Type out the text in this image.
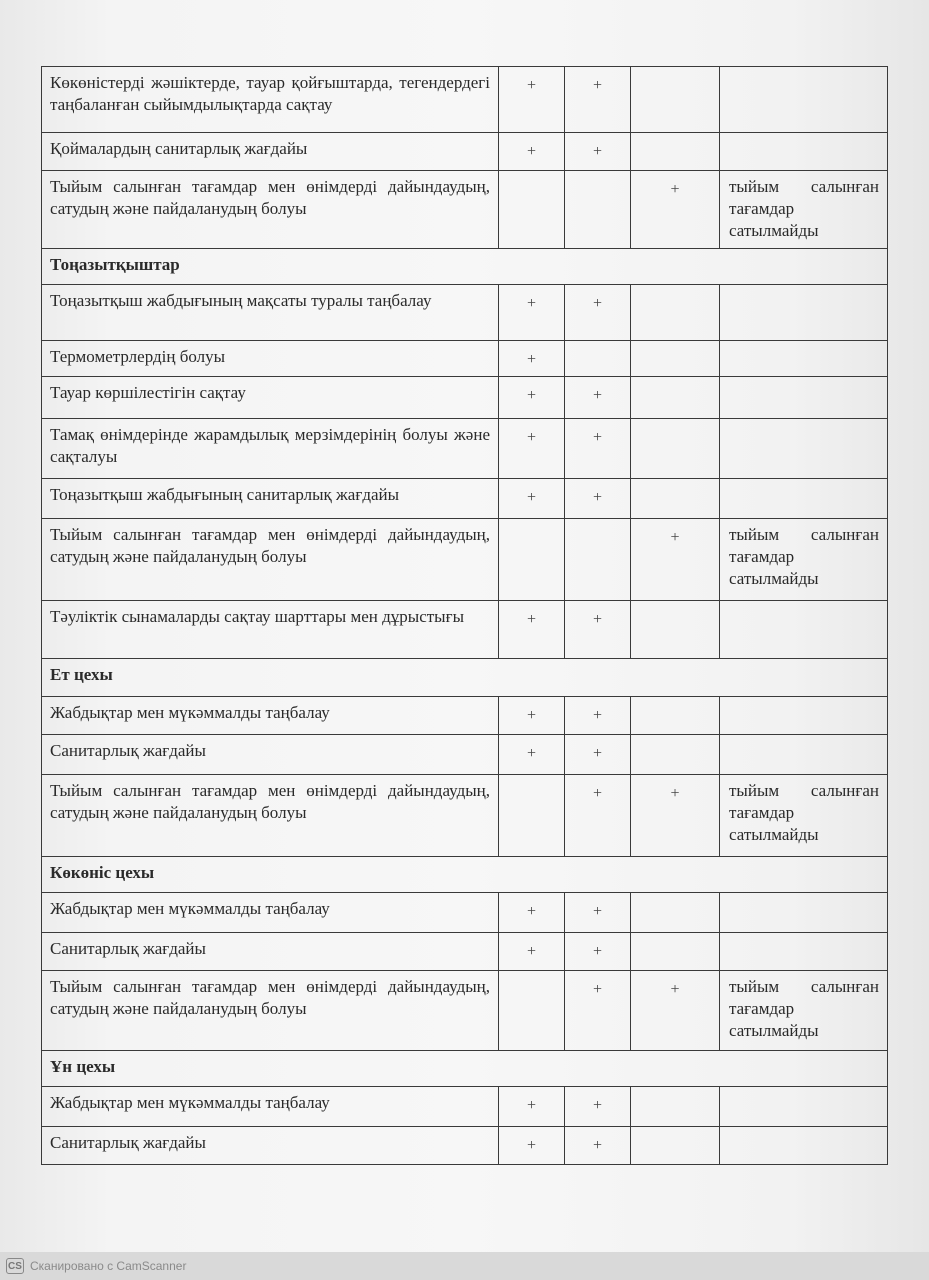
Көкөністерді жәшіктерде, тауар қойғыштарда, тегендердегі таңбаланған сыйымдылықтарда сақтау	+	+		
Қоймалардың санитарлық жағдайы	+	+		
Тыйым салынған тағамдар мен өнімдерді дайындаудың, сатудың және пайдаланудың болуы			+	тыйым салынған тағамдар сатылмайды
Тоңазытқыштар				
Тоңазытқыш жабдығының мақсаты туралы таңбалау	+	+		
Термометрлердің болуы	+			
Тауар көршілестігін сақтау	+	+		
Тамақ өнімдерінде жарамдылық мерзімдерінің болуы және сақталуы	+	+		
Тоңазытқыш жабдығының санитарлық жағдайы	+	+		
Тыйым салынған тағамдар мен өнімдерді дайындаудың, сатудың және пайдаланудың болуы			+	тыйым салынған тағамдар сатылмайды
Тәуліктік сынамаларды сақтау шарттары мен дұрыстығы	+	+		
Ет цехы				
Жабдықтар мен мүкәммалды таңбалау	+	+		
Санитарлық жағдайы	+	+		
Тыйым салынған тағамдар мен өнімдерді дайындаудың, сатудың және пайдаланудың болуы		+	+	тыйым салынған тағамдар сатылмайды
Көкөніс цехы				
Жабдықтар мен мүкәммалды таңбалау	+	+		
Санитарлық жағдайы	+	+		
Тыйым салынған тағамдар мен өнімдерді дайындаудың, сатудың және пайдаланудың болуы		+	+	тыйым салынған тағамдар сатылмайды
Ұн цехы				
Жабдықтар мен мүкәммалды таңбалау	+	+		
Санитарлық жағдайы	+	+		
CS Сканировано с CamScanner
